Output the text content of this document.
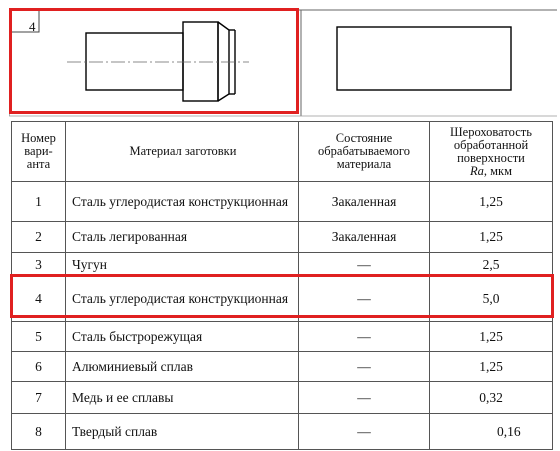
4
Номер
вари-
анта	Материал заготовки	Состояние
обрабатываемого
материала	Шероховатость
обработанной
поверхности
Ra, мкм
1	Сталь углеродистая конструкционная	Закаленная	1,25
2	Сталь легированная	Закаленная	1,25
3	Чугун	—	2,5
4	Сталь углеродистая конструкционная	—	5,0
5	Сталь быстрорежущая	—	1,25
6	Алюминиевый сплав	—	1,25
7	Медь и ее сплавы	—	0,32
8	Твердый сплав	—	0,16
